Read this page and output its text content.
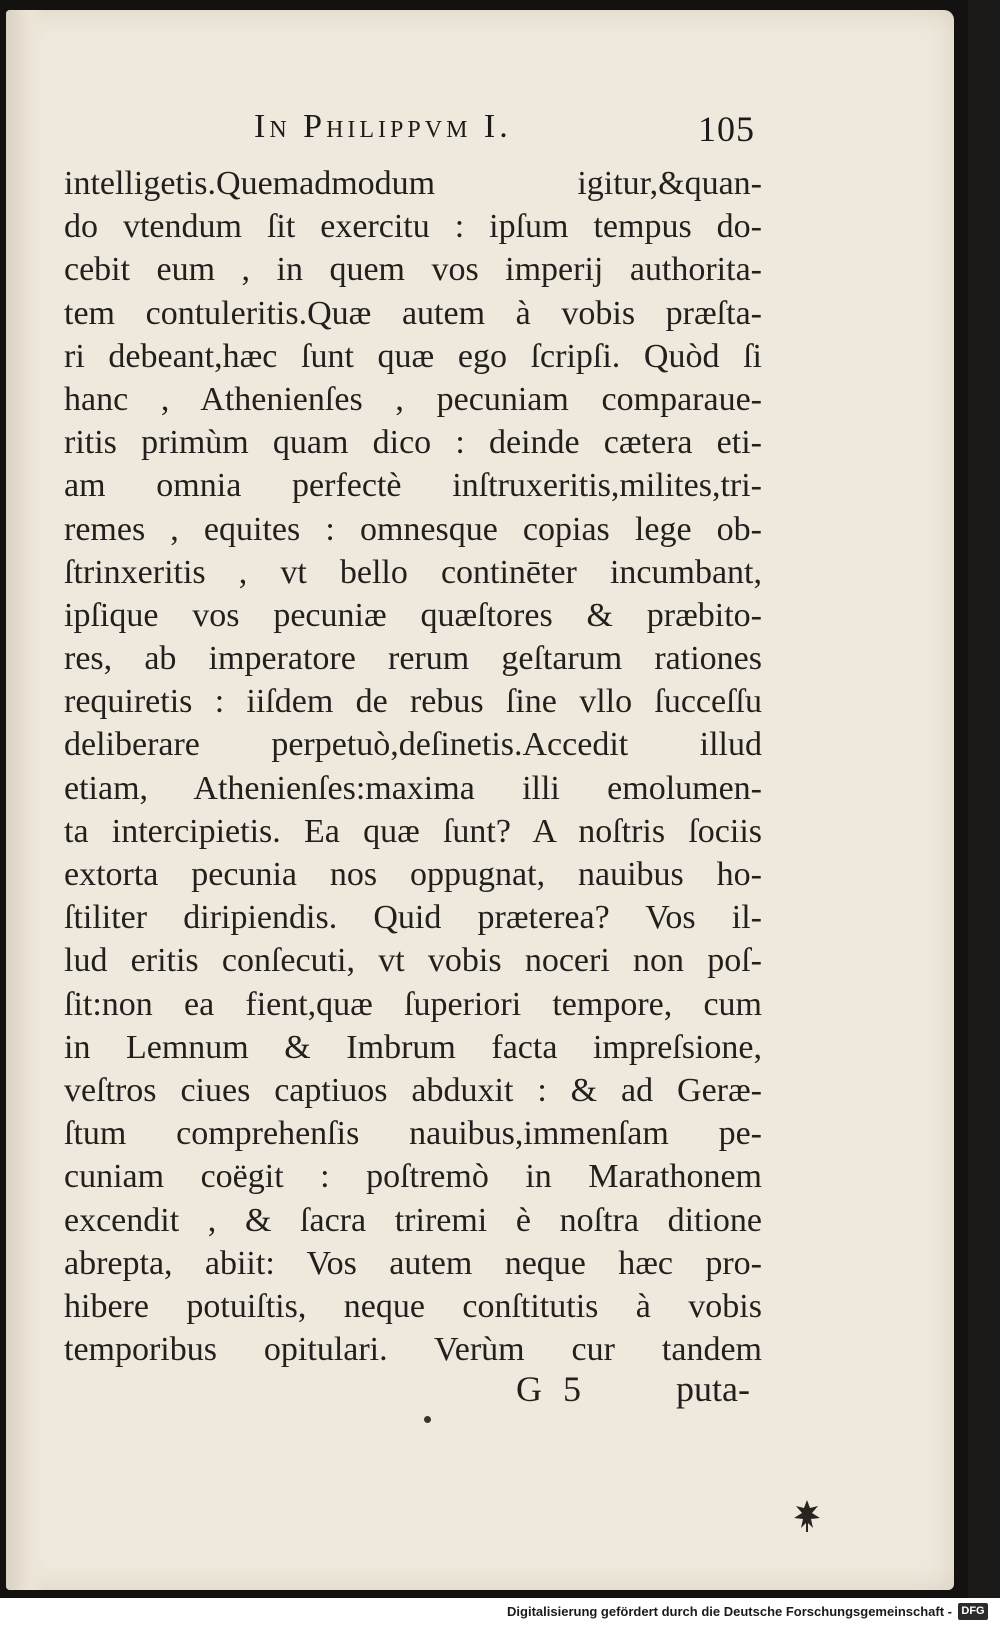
In Philippvm I.	105
intelligetis.Quemadmodum igitur,&quan-
do vtendum ſit exercitu : ipſum tempus do-
cebit eum , in quem vos imperij authorita-
tem contuleritis.Quæ autem à vobis præſta-
ri debeant,hæc ſunt quæ ego ſcripſi. Quòd ſi
hanc , Athenienſes , pecuniam comparaue-
ritis primùm quam dico : deinde cætera eti-
am omnia perfectè inſtruxeritis,milites,tri-
remes , equites : omnesque copias lege ob-
ſtrinxeritis , vt bello continēter incumbant,
ipſique vos pecuniæ quæſtores & præbito-
res, ab imperatore rerum geſtarum rationes
requiretis : iiſdem de rebus ſine vllo ſucceſſu
deliberare perpetuò,deſinetis.Accedit illud
etiam, Athenienſes:maxima illi emolumen-
ta intercipietis. Ea quæ ſunt? A noſtris ſociis
extorta pecunia nos oppugnat, nauibus ho-
ſtiliter diripiendis. Quid præterea? Vos il-
lud eritis conſecuti, vt vobis noceri non poſ-
ſit:non ea fient,quæ ſuperiori tempore, cum
in Lemnum & Imbrum facta impreſsione,
veſtros ciues captiuos abduxit : & ad Geræ-
ſtum comprehenſis nauibus,immenſam pe-
cuniam coëgit : poſtremò in Marathonem
excendit , & ſacra triremi è noſtra ditione
abrepta, abiit: Vos autem neque hæc pro-
hibere potuiſtis, neque conſtitutis à vobis
temporibus opitulari. Verùm cur tandem
G 5 puta-
Digitalisierung gefördert durch die Deutsche Forschungsgemeinschaft - DFG
